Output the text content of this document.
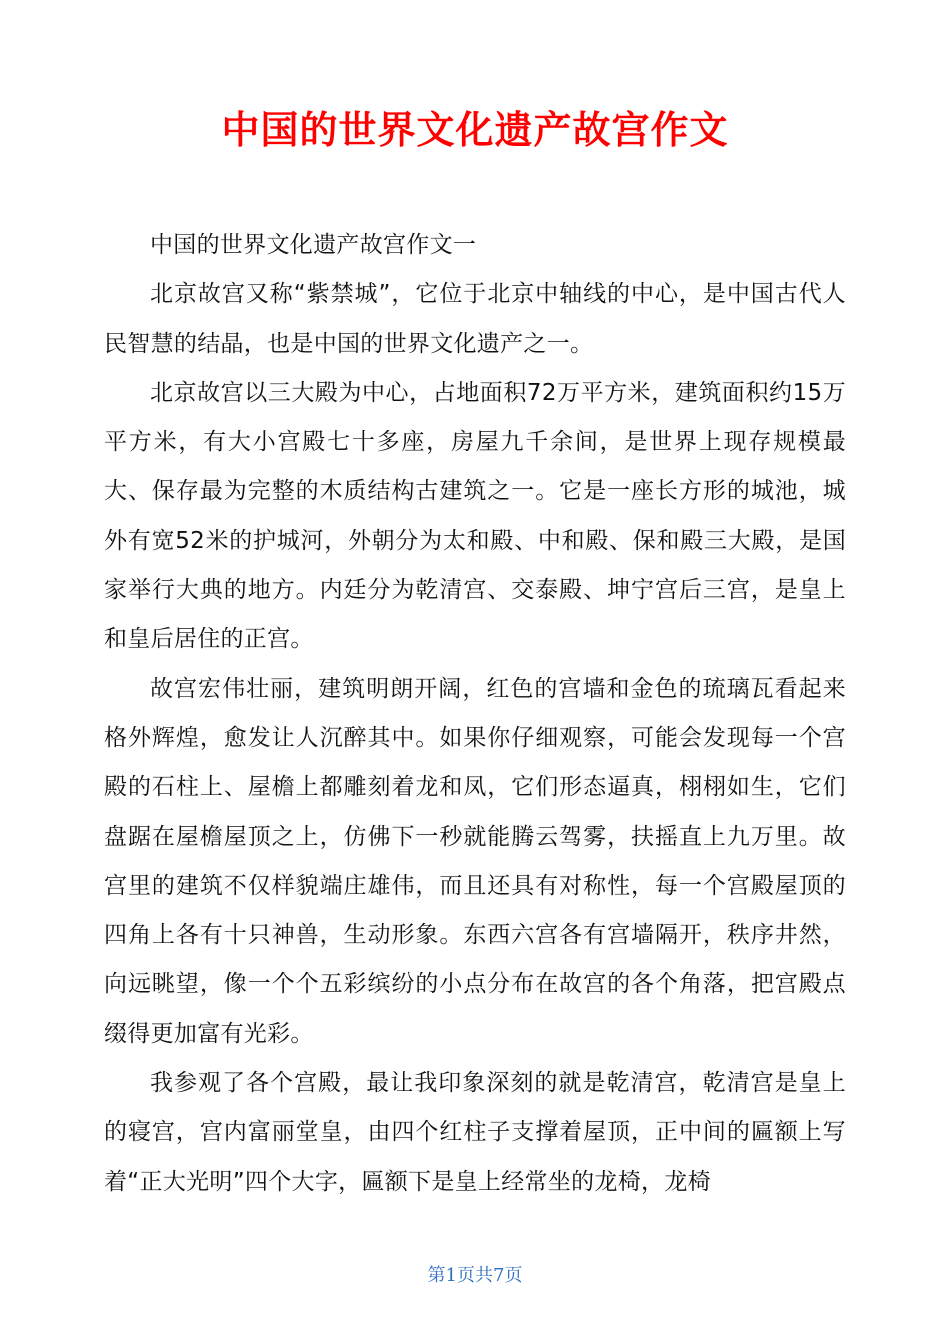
中国的世界文化遗产故宫作文

中国的世界文化遗产故宫作文一

北京故宫又称“紫禁城”，它位于北京中轴线的中心，是中国古代人民智慧的结晶，也是中国的世界文化遗产之一。

北京故宫以三大殿为中心，占地面积72万平方米，建筑面积约15万平方米，有大小宫殿七十多座，房屋九千余间，是世界上现存规模最大、保存最为完整的木质结构古建筑之一。它是一座长方形的城池，城外有宽52米的护城河，外朝分为太和殿、中和殿、保和殿三大殿，是国家举行大典的地方。内廷分为乾清宫、交泰殿、坤宁宫后三宫，是皇上和皇后居住的正宫。

故宫宏伟壮丽，建筑明朗开阔，红色的宫墙和金色的琉璃瓦看起来格外辉煌，愈发让人沉醉其中。如果你仔细观察，可能会发现每一个宫殿的石柱上、屋檐上都雕刻着龙和凤，它们形态逼真，栩栩如生，它们盘踞在屋檐屋顶之上，仿佛下一秒就能腾云驾雾，扶摇直上九万里。故宫里的建筑不仅样貌端庄雄伟，而且还具有对称性，每一个宫殿屋顶的四角上各有十只神兽，生动形象。东西六宫各有宫墙隔开，秩序井然，向远眺望，像一个个五彩缤纷的小点分布在故宫的各个角落，把宫殿点缀得更加富有光彩。

我参观了各个宫殿，最让我印象深刻的就是乾清宫，乾清宫是皇上的寝宫，宫内富丽堂皇，由四个红柱子支撑着屋顶，正中间的匾额上写着“正大光明”四个大字，匾额下是皇上经常坐的龙椅，龙椅

第1页共7页
